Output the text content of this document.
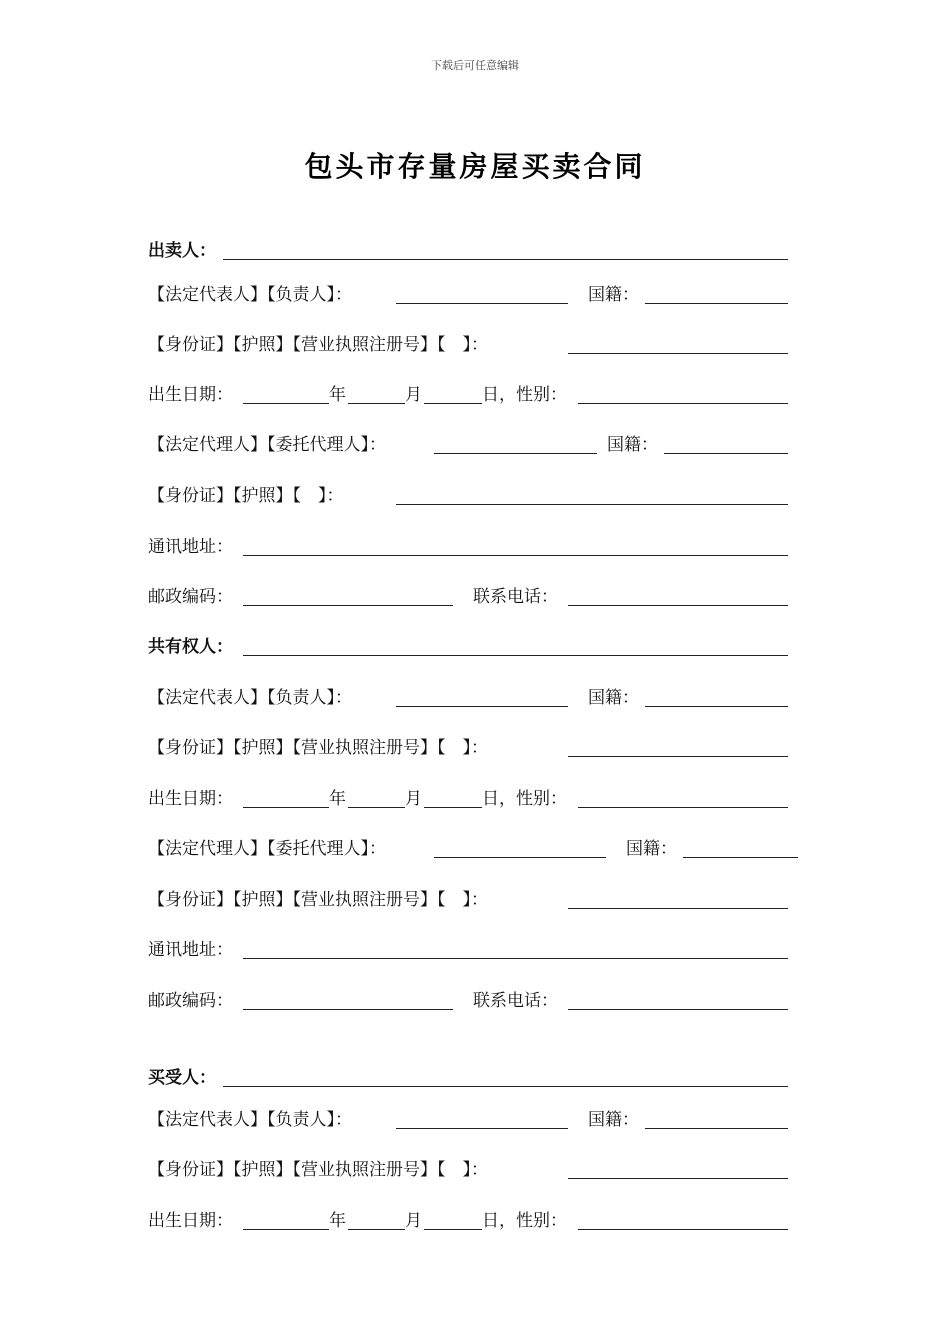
下载后可任意编辑
包头市存量房屋买卖合同
出卖人：
【法定代表人】【负责人】：	国籍：
【身份证】【护照】【营业执照注册号】【　】：
出生日期：	年	月	日，性别：
【法定代理人】【委托代理人】：	国籍：
【身份证】【护照】【　】：
通讯地址：
邮政编码：	联系电话：
共有权人：
【法定代表人】【负责人】：	国籍：
【身份证】【护照】【营业执照注册号】【　】：
出生日期：	年	月	日，性别：
【法定代理人】【委托代理人】：	国籍：
【身份证】【护照】【营业执照注册号】【　】：
通讯地址：
邮政编码：	联系电话：
买受人：
【法定代表人】【负责人】：	国籍：
【身份证】【护照】【营业执照注册号】【　】：
出生日期：	年	月	日，性别：
